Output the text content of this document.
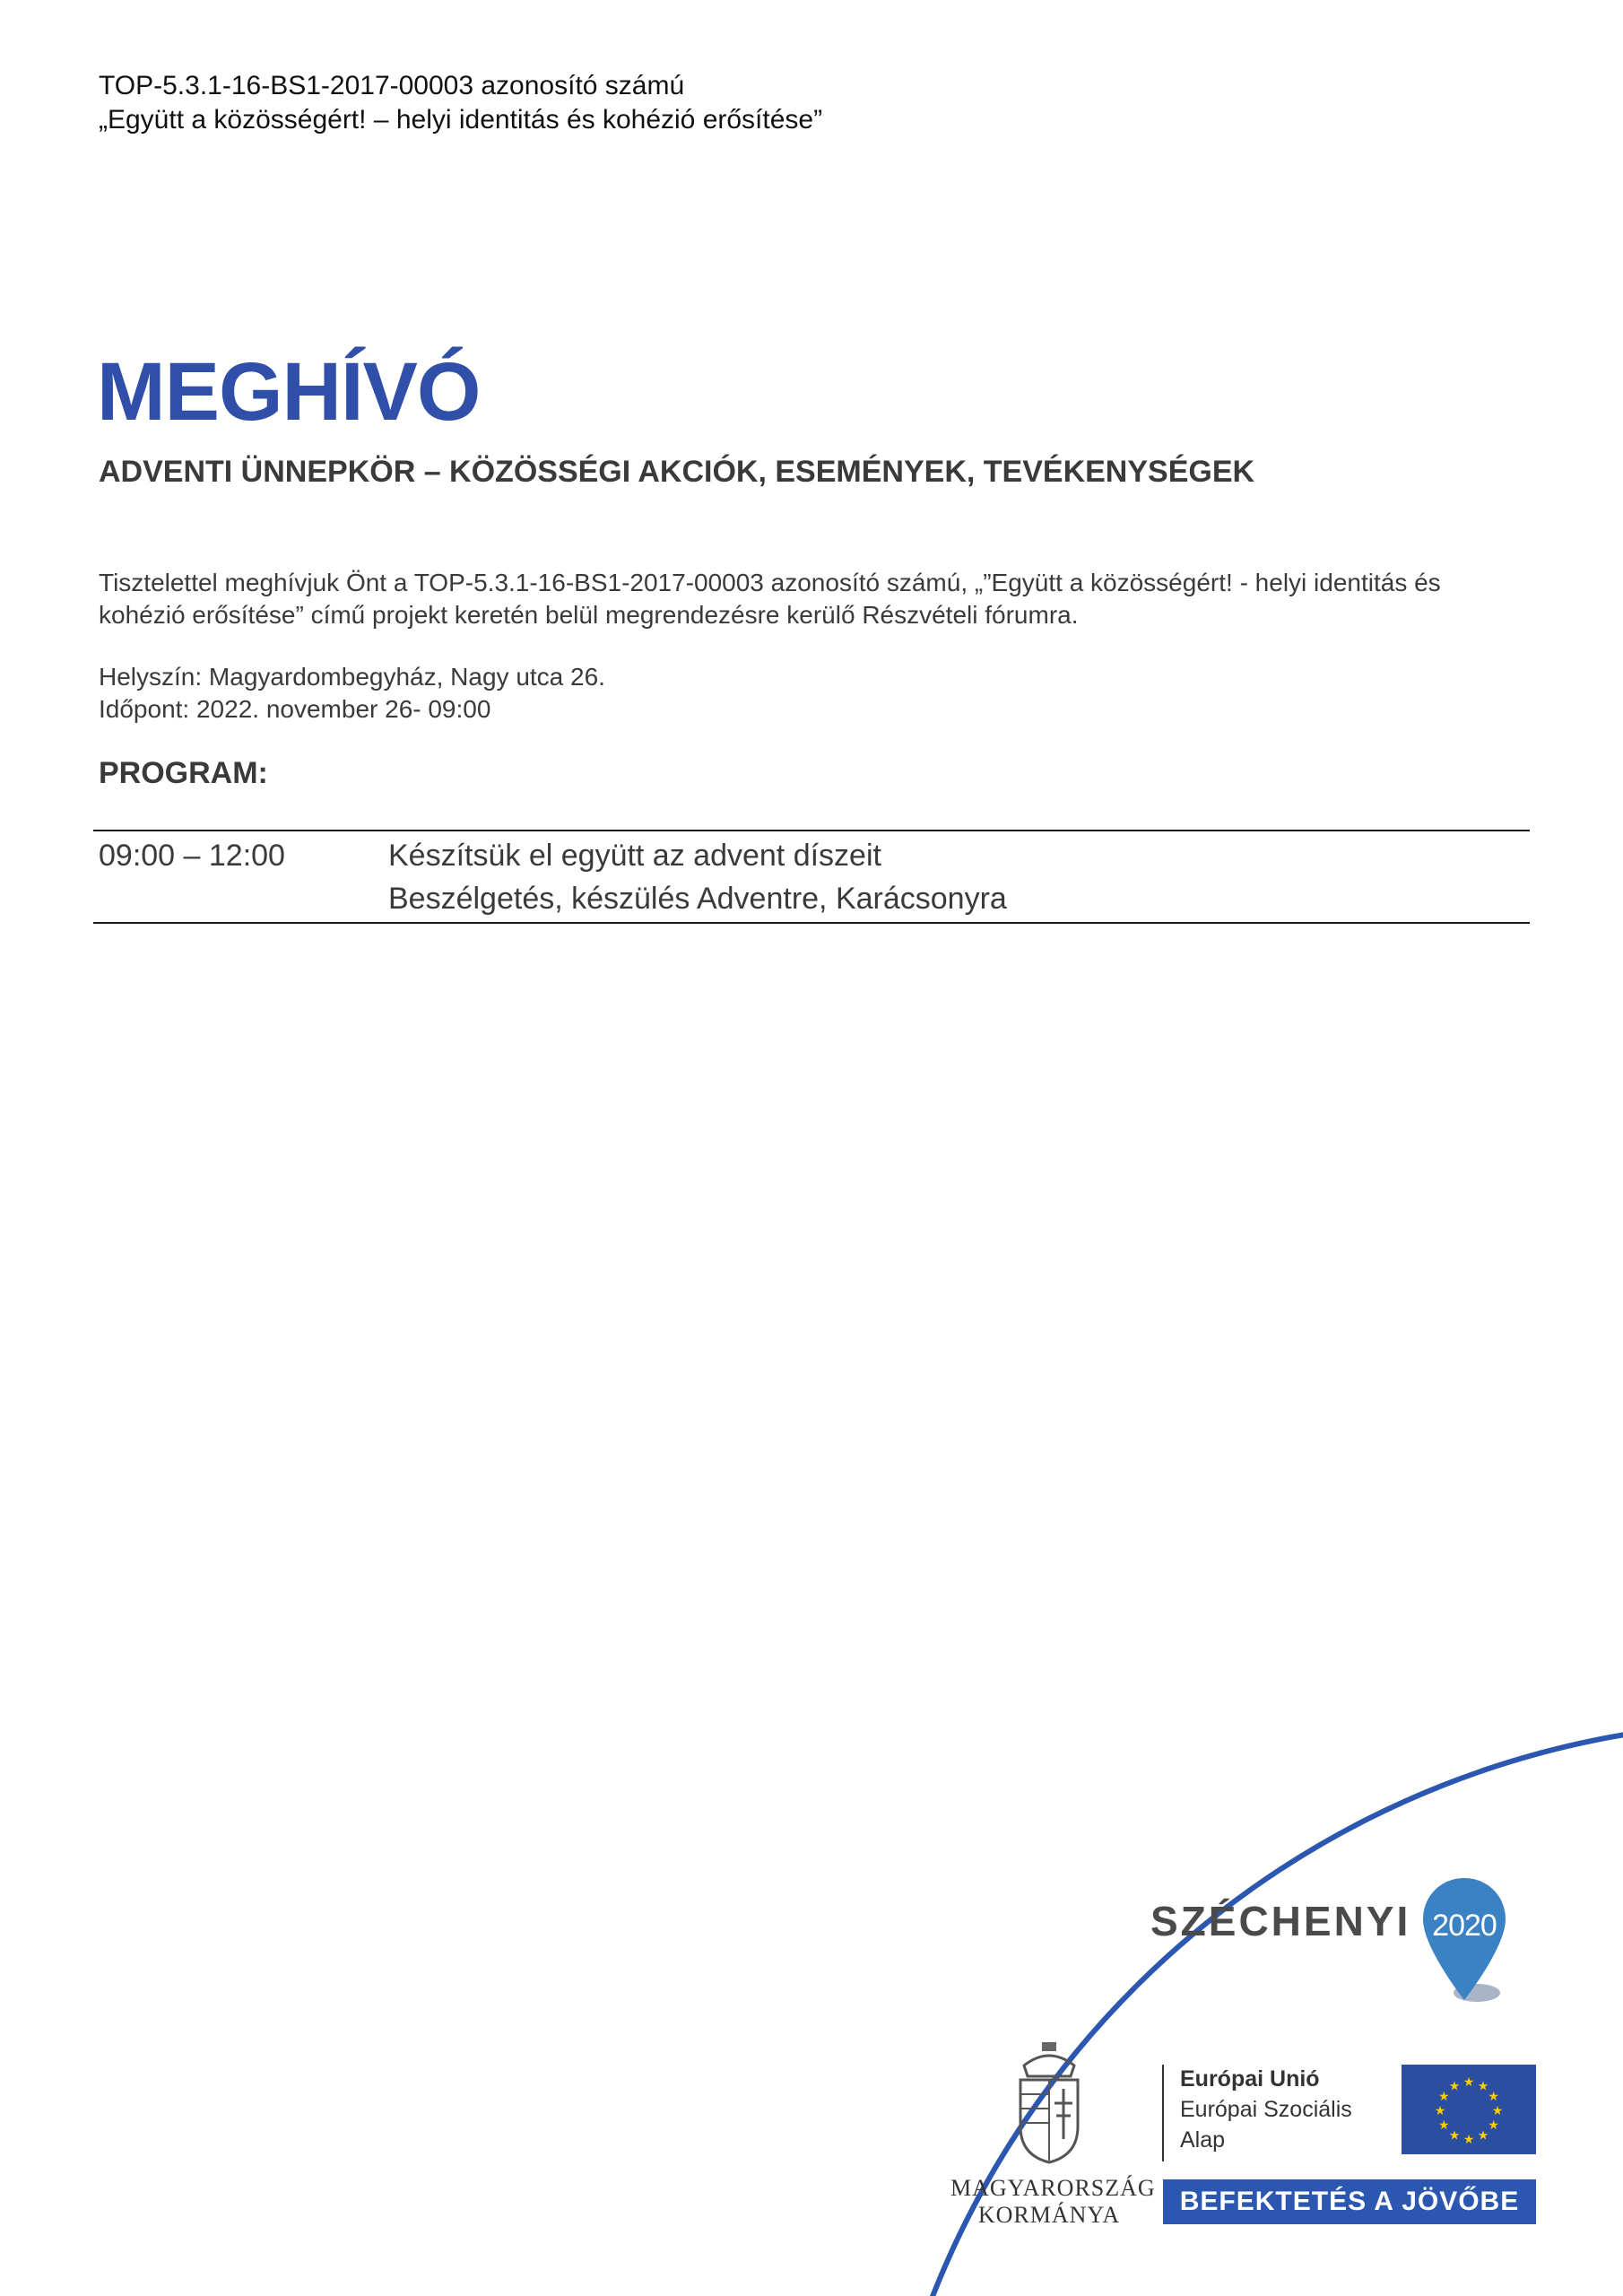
TOP-5.3.1-16-BS1-2017-00003 azonosító számú
„Együtt a közösségért! – helyi identitás és kohézió erősítése”
MEGHÍVÓ
ADVENTI ÜNNEPKÖR – KÖZÖSSÉGI AKCIÓK, ESEMÉNYEK, TEVÉKENYSÉGEK
Tisztelettel meghívjuk Önt a TOP-5.3.1-16-BS1-2017-00003 azonosító számú, „”Együtt a közösségért! - helyi identitás és kohézió erősítése” című projekt keretén belül megrendezésre kerülő Részvételi fórumra.
Helyszín: Magyardombegyház, Nagy utca 26.
Időpont: 2022. november 26- 09:00
PROGRAM:
09:00 – 12:00	Készítsük el együtt az advent díszeit
Beszélgetés, készülés Adventre, Karácsonyra
SZÉCHENYI 2020
MAGYARORSZÁG
KORMÁNYA
Európai Unió
Európai Szociális
Alap
★
★
★
★
★
★
★
★
★ ★ ★
★
BEFEKTETÉS A JÖVŐBE
